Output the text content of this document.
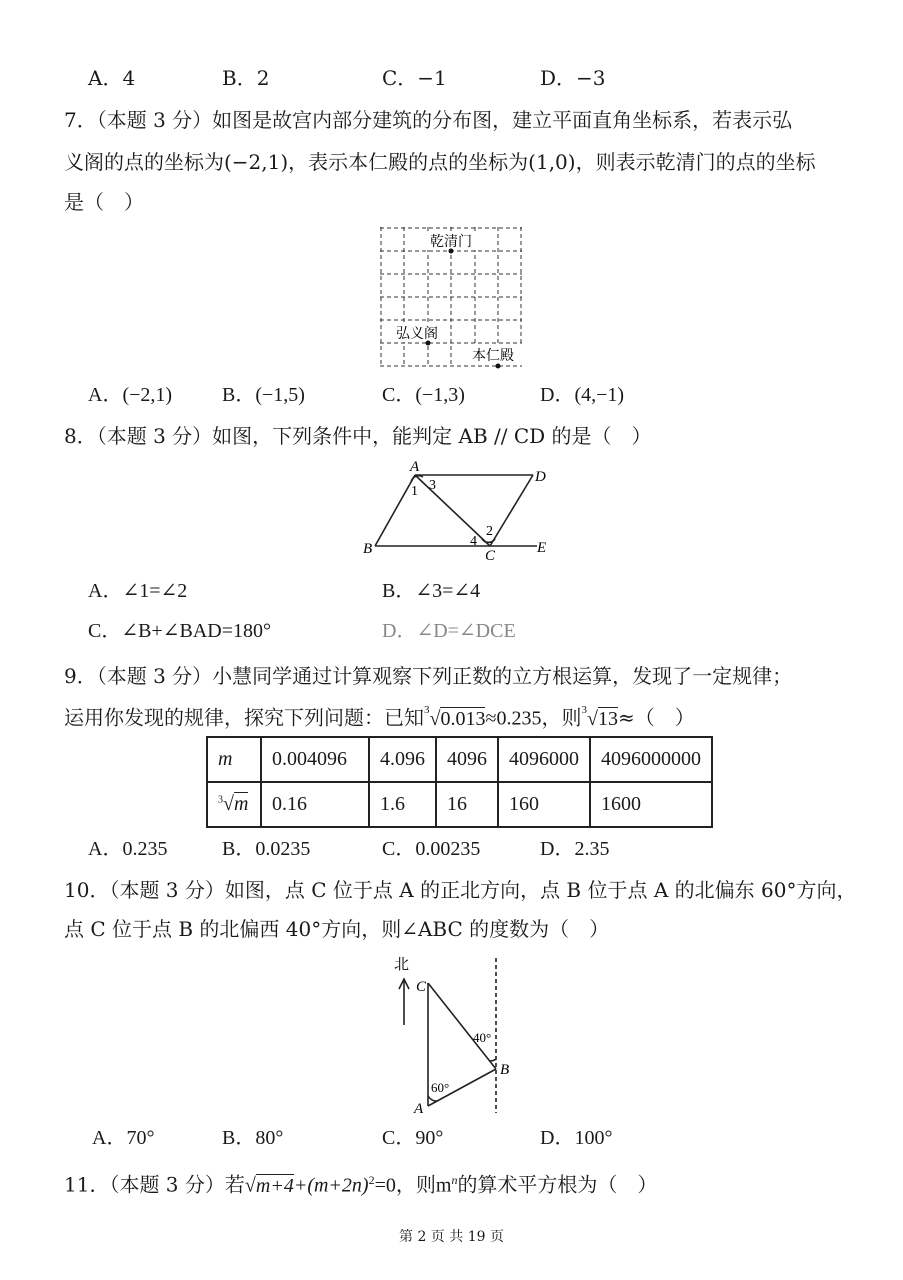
A．4	B．2	C．−1	D．−3
7．（本题 3 分）如图是故宫内部分建筑的分布图，建立平面直角坐标系，若表示弘
义阁的点的坐标为(−2,1)，表示本仁殿的点的坐标为(1,0)，则表示乾清门的点的坐标
是（　）
乾清门
弘义阁
本仁殿
A．(−2,1) B．(−1,5)	C．(−1,3)	D．(4,−1)
8．（本题 3 分）如图，下列条件中，能判定 AB // CD 的是（　）
A
D
B	C	E
1 3
2
4
A．∠1=∠2	B．∠3=∠4
C．∠B+∠BAD=180°	D．∠D=∠DCE
9．（本题 3 分）小慧同学通过计算观察下列正数的立方根运算，发现了一定规律；
运用你发现的规律，探究下列问题：已知$^3$√0.013≈0.235，则$^3$√13≈（　）
m	0.004096	4.096	4096	4096000	4096000000
$^3$√m	0.16	1.6	16	160	1600
A．0.235	B．0.0235	C．0.00235	D．2.35
10．（本题 3 分）如图，点 C 位于点 A 的正北方向，点 B 位于点 A 的北偏东 60°方向，
点 C 位于点 B 的北偏西 40°方向，则∠ABC 的度数为（　）
北
C
B
A
40°
60°
A．70°	B．80°	C．90°	D．100°
11．（本题 3 分）若$√m+4+(m+2n)^2=0$，则$m^n$的算术平方根为（　）
第 2 页 共 19 页
